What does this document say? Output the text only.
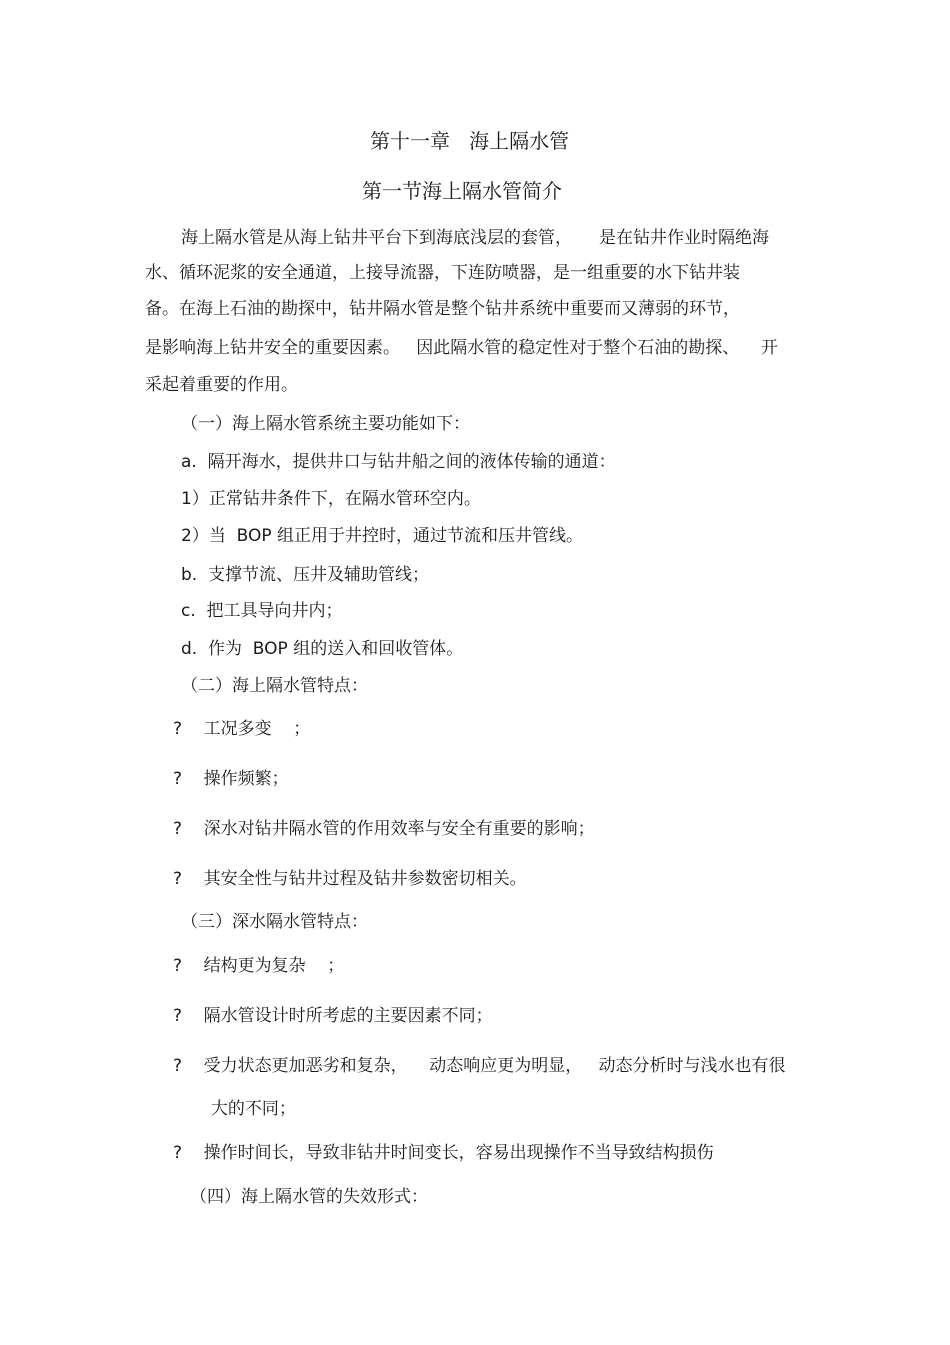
第十一章   海上隔水管
第一节海上隔水管简介
海上隔水管是从海上钻井平台下到海底浅层的套管，     是在钻井作业时隔绝海
水、循环泥浆的安全通道，上接导流器，下连防喷器，是一组重要的水下钻井装
备。在海上石油的勘探中，钻井隔水管是整个钻井系统中重要而又薄弱的环节，
是影响海上钻井安全的重要因素。   因此隔水管的稳定性对于整个石油的勘探、    开
采起着重要的作用。
（一）海上隔水管系统主要功能如下：
a.  隔开海水，提供井口与钻井船之间的液体传输的通道：
1）正常钻井条件下，在隔水管环空内。
2）当  BOP 组正用于井控时，通过节流和压井管线。
b.  支撑节流、压井及辅助管线；
c.  把工具导向井内；
d.  作为  BOP 组的送入和回收管体。
（二）海上隔水管特点：
?    工况多变    ；
?    操作频繁；
?    深水对钻井隔水管的作用效率与安全有重要的影响；
?    其安全性与钻井过程及钻井参数密切相关。
（三）深水隔水管特点：
?    结构更为复杂    ；
?    隔水管设计时所考虑的主要因素不同；
?    受力状态更加恶劣和复杂，    动态响应更为明显，   动态分析时与浅水也有很
大的不同；
?    操作时间长，导致非钻井时间变长，容易出现操作不当导致结构损伤
（四）海上隔水管的失效形式：
